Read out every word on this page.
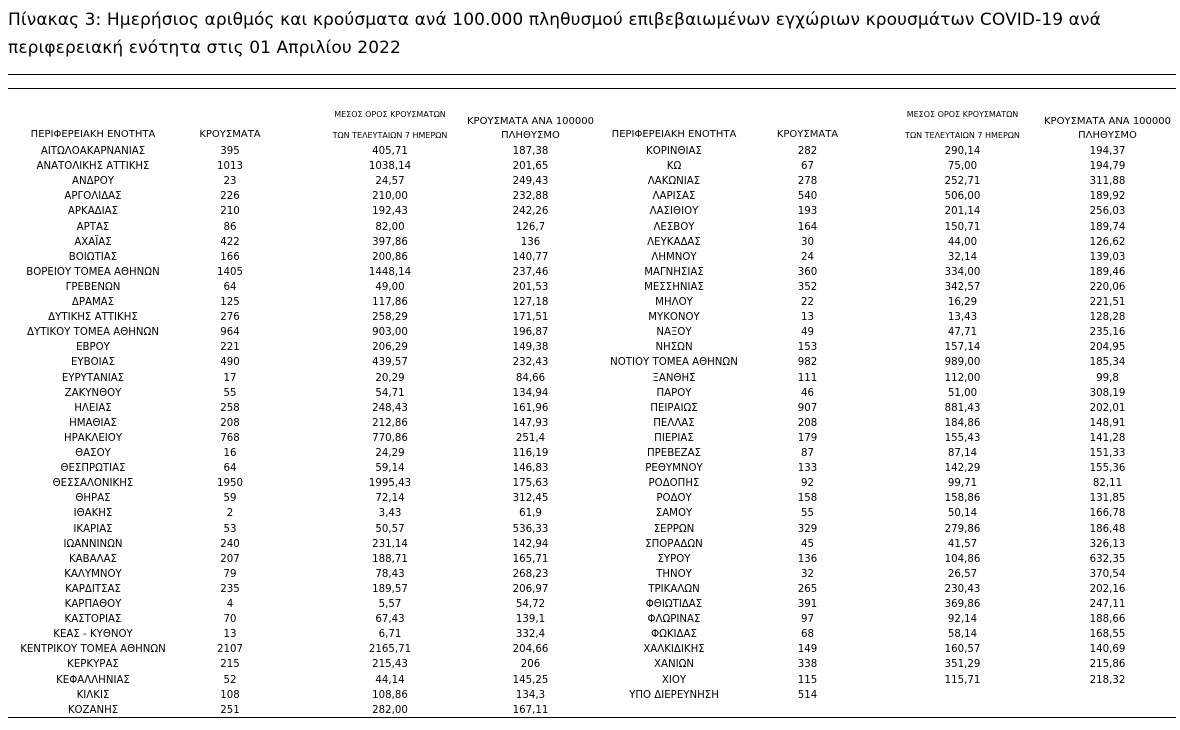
Πίνακας 3: Ημερήσιος αριθμός και κρούσματα ανά 100.000 πληθυσμού επιβεβαιωμένων εγχώριων κρουσμάτων COVID-19 ανά περιφερειακή ενότητα στις 01 Απριλίου 2022
ΠΕΡΙΦΕΡΕΙΑΚΗ ΕΝΟΤΗΤΑ	ΚΡΟΥΣΜΑΤΑ
ΜΕΣΟΣ ΟΡΟΣ ΚΡΟΥΣΜΑΤΩΝ
ΤΩΝ ΤΕΛΕΥΤΑΙΩΝ 7 ΗΜΕΡΩΝ
ΚΡΟΥΣΜΑΤΑ ΑΝΑ 100000
ΠΛΗΘΥΣΜΟ	ΠΕΡΙΦΕΡΕΙΑΚΗ ΕΝΟΤΗΤΑ	ΚΡΟΥΣΜΑΤΑ
ΜΕΣΟΣ ΟΡΟΣ ΚΡΟΥΣΜΑΤΩΝ
ΤΩΝ ΤΕΛΕΥΤΑΙΩΝ 7 ΗΜΕΡΩΝ
ΚΡΟΥΣΜΑΤΑ ΑΝΑ 100000
ΠΛΗΘΥΣΜΟ
ΑΙΤΩΛΟΑΚΑΡΝΑΝΙΑΣ	395	405,71	187,38	ΚΟΡΙΝΘΙΑΣ	282	290,14	194,37
ΑΝΑΤΟΛΙΚΗΣ ΑΤΤΙΚΗΣ	1013	1038,14	201,65	ΚΩ	67	75,00	194,79
ΑΝΔΡΟΥ	23	24,57	249,43	ΛΑΚΩΝΙΑΣ	278	252,71	311,88
ΑΡΓΟΛΙΔΑΣ	226	210,00	232,88	ΛΑΡΙΣΑΣ	540	506,00	189,92
ΑΡΚΑΔΙΑΣ	210	192,43	242,26	ΛΑΣΙΘΙΟΥ	193	201,14	256,03
ΑΡΤΑΣ	86	82,00	126,7	ΛΕΣΒΟΥ	164	150,71	189,74
ΑΧΑΪΑΣ	422	397,86	136	ΛΕΥΚΑΔΑΣ	30	44,00	126,62
ΒΟΙΩΤΙΑΣ	166	200,86	140,77	ΛΗΜΝΟΥ	24	32,14	139,03
ΒΟΡΕΙΟΥ ΤΟΜΕΑ ΑΘΗΝΩΝ	1405	1448,14	237,46	ΜΑΓΝΗΣΙΑΣ	360	334,00	189,46
ΓΡΕΒΕΝΩΝ	64	49,00	201,53	ΜΕΣΣΗΝΙΑΣ	352	342,57	220,06
ΔΡΑΜΑΣ	125	117,86	127,18	ΜΗΛΟΥ	22	16,29	221,51
ΔΥΤΙΚΗΣ ΑΤΤΙΚΗΣ	276	258,29	171,51	ΜΥΚΟΝΟΥ	13	13,43	128,28
ΔΥΤΙΚΟΥ ΤΟΜΕΑ ΑΘΗΝΩΝ	964	903,00	196,87	ΝΑΞΟΥ	49	47,71	235,16
ΕΒΡΟΥ	221	206,29	149,38	ΝΗΣΩΝ	153	157,14	204,95
ΕΥΒΟΙΑΣ	490	439,57	232,43	ΝΟΤΙΟΥ ΤΟΜΕΑ ΑΘΗΝΩΝ	982	989,00	185,34
ΕΥΡΥΤΑΝΙΑΣ	17	20,29	84,66	ΞΑΝΘΗΣ	111	112,00	99,8
ΖΑΚΥΝΘΟΥ	55	54,71	134,94	ΠΑΡΟΥ	46	51,00	308,19
ΗΛΕΙΑΣ	258	248,43	161,96	ΠΕΙΡΑΙΩΣ	907	881,43	202,01
ΗΜΑΘΙΑΣ	208	212,86	147,93	ΠΕΛΛΑΣ	208	184,86	148,91
ΗΡΑΚΛΕΙΟΥ	768	770,86	251,4	ΠΙΕΡΙΑΣ	179	155,43	141,28
ΘΑΣΟΥ	16	24,29	116,19	ΠΡΕΒΕΖΑΣ	87	87,14	151,33
ΘΕΣΠΡΩΤΙΑΣ	64	59,14	146,83	ΡΕΘΥΜΝΟΥ	133	142,29	155,36
ΘΕΣΣΑΛΟΝΙΚΗΣ	1950	1995,43	175,63	ΡΟΔΟΠΗΣ	92	99,71	82,11
ΘΗΡΑΣ	59	72,14	312,45	ΡΟΔΟΥ	158	158,86	131,85
ΙΘΑΚΗΣ	2	3,43	61,9	ΣΑΜΟΥ	55	50,14	166,78
ΙΚΑΡΙΑΣ	53	50,57	536,33	ΣΕΡΡΩΝ	329	279,86	186,48
ΙΩΑΝΝΙΝΩΝ	240	231,14	142,94	ΣΠΟΡΑΔΩΝ	45	41,57	326,13
ΚΑΒΑΛΑΣ	207	188,71	165,71	ΣΥΡΟΥ	136	104,86	632,35
ΚΑΛΥΜΝΟΥ	79	78,43	268,23	ΤΗΝΟΥ	32	26,57	370,54
ΚΑΡΔΙΤΣΑΣ	235	189,57	206,97	ΤΡΙΚΑΛΩΝ	265	230,43	202,16
ΚΑΡΠΑΘΟΥ	4	5,57	54,72	ΦΘΙΩΤΙΔΑΣ	391	369,86	247,11
ΚΑΣΤΟΡΙΑΣ	70	67,43	139,1	ΦΛΩΡΙΝΑΣ	97	92,14	188,66
ΚΕΑΣ - ΚΥΘΝΟΥ	13	6,71	332,4	ΦΩΚΙΔΑΣ	68	58,14	168,55
ΚΕΝΤΡΙΚΟΥ ΤΟΜΕΑ ΑΘΗΝΩΝ	2107	2165,71	204,66	ΧΑΛΚΙΔΙΚΗΣ	149	160,57	140,69
ΚΕΡΚΥΡΑΣ	215	215,43	206	ΧΑΝΙΩΝ	338	351,29	215,86
ΚΕΦΑΛΛΗΝΙΑΣ	52	44,14	145,25	ΧΙΟΥ	115	115,71	218,32
ΚΙΛΚΙΣ	108	108,86	134,3	ΥΠΟ ΔΙΕΡΕΥΝΗΣΗ	514
ΚΟΖΑΝΗΣ	251	282,00	167,11
